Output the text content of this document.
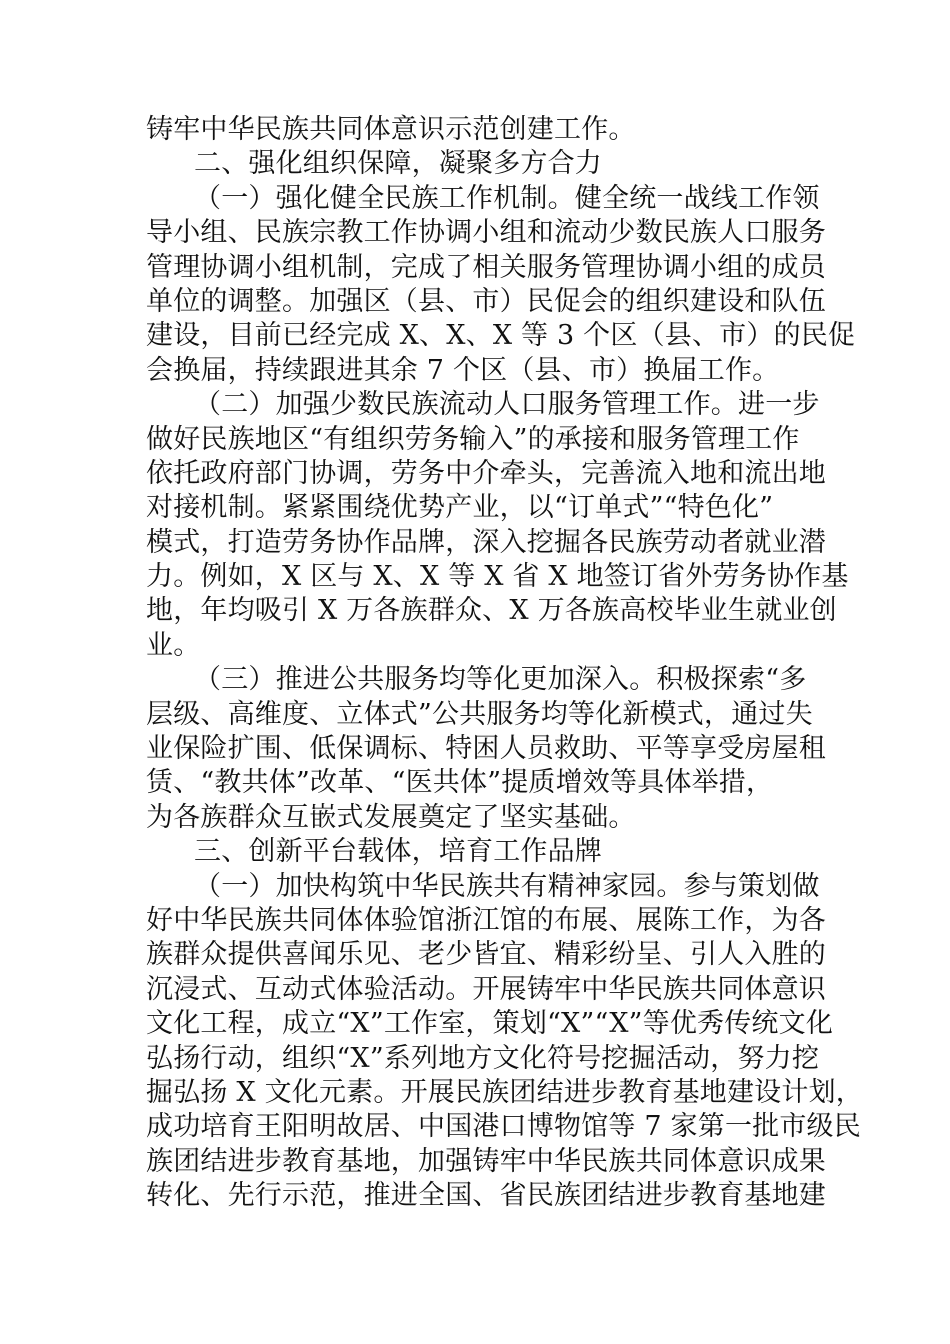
铸牢中华民族共同体意识示范创建工作。
二、强化组织保障，凝聚多方合力
（一）强化健全民族工作机制。健全统一战线工作领
导小组、民族宗教工作协调小组和流动少数民族人口服务
管理协调小组机制，完成了相关服务管理协调小组的成员
单位的调整。加强区（县、市）民促会的组织建设和队伍
建设，目前已经完成 X、X、X 等 3 个区（县、市）的民促
会换届，持续跟进其余 7 个区（县、市）换届工作。
（二）加强少数民族流动人口服务管理工作。进一步
做好民族地区“有组织劳务输入”的承接和服务管理工作
依托政府部门协调，劳务中介牵头，完善流入地和流出地
对接机制。紧紧围绕优势产业，以“订单式”“特色化”
模式，打造劳务协作品牌，深入挖掘各民族劳动者就业潜
力。例如，X 区与 X、X 等 X 省 X 地签订省外劳务协作基
地，年均吸引 X 万各族群众、X 万各族高校毕业生就业创
业。
（三）推进公共服务均等化更加深入。积极探索“多
层级、高维度、立体式”公共服务均等化新模式，通过失
业保险扩围、低保调标、特困人员救助、平等享受房屋租
赁、“教共体”改革、“医共体”提质增效等具体举措，
为各族群众互嵌式发展奠定了坚实基础。
三、创新平台载体，培育工作品牌
（一）加快构筑中华民族共有精神家园。参与策划做
好中华民族共同体体验馆浙江馆的布展、展陈工作，为各
族群众提供喜闻乐见、老少皆宜、精彩纷呈、引人入胜的
沉浸式、互动式体验活动。开展铸牢中华民族共同体意识
文化工程，成立“X”工作室，策划“X”“X”等优秀传统文化
弘扬行动，组织“X”系列地方文化符号挖掘活动，努力挖
掘弘扬 X 文化元素。开展民族团结进步教育基地建设计划，
成功培育王阳明故居、中国港口博物馆等 7 家第一批市级民
族团结进步教育基地，加强铸牢中华民族共同体意识成果
转化、先行示范，推进全国、省民族团结进步教育基地建
